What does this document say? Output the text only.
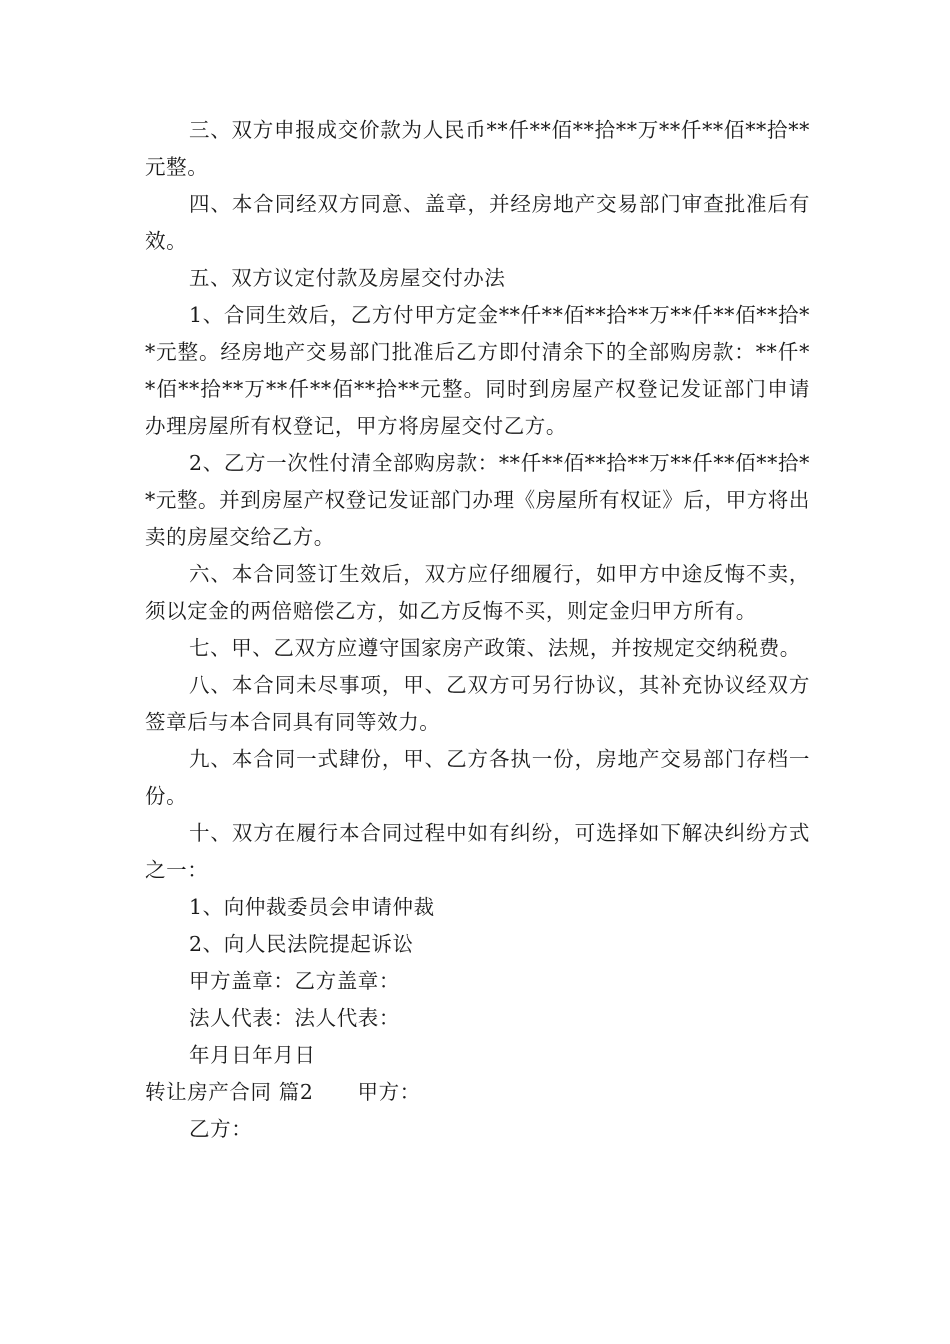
三、双方申报成交价款为人民币**仟**佰**拾**万**仟**佰**拾**元整。

四、本合同经双方同意、盖章，并经房地产交易部门审查批准后有效。

五、双方议定付款及房屋交付办法

1、合同生效后，乙方付甲方定金**仟**佰**拾**万**仟**佰**拾**元整。经房地产交易部门批准后乙方即付清余下的全部购房款：**仟**佰**拾**万**仟**佰**拾**元整。同时到房屋产权登记发证部门申请办理房屋所有权登记，甲方将房屋交付乙方。

2、乙方一次性付清全部购房款：**仟**佰**拾**万**仟**佰**拾**元整。并到房屋产权登记发证部门办理《房屋所有权证》后，甲方将出卖的房屋交给乙方。

六、本合同签订生效后，双方应仔细履行，如甲方中途反悔不卖，须以定金的两倍赔偿乙方，如乙方反悔不买，则定金归甲方所有。

七、甲、乙双方应遵守国家房产政策、法规，并按规定交纳税费。

八、本合同未尽事项，甲、乙双方可另行协议，其补充协议经双方签章后与本合同具有同等效力。

九、本合同一式肆份，甲、乙方各执一份，房地产交易部门存档一份。

十、双方在履行本合同过程中如有纠纷，可选择如下解决纠纷方式之一：

1、向仲裁委员会申请仲裁

2、向人民法院提起诉讼

甲方盖章：乙方盖章：

法人代表：法人代表：

年月日年月日

转让房产合同 篇2 甲方：

乙方：
